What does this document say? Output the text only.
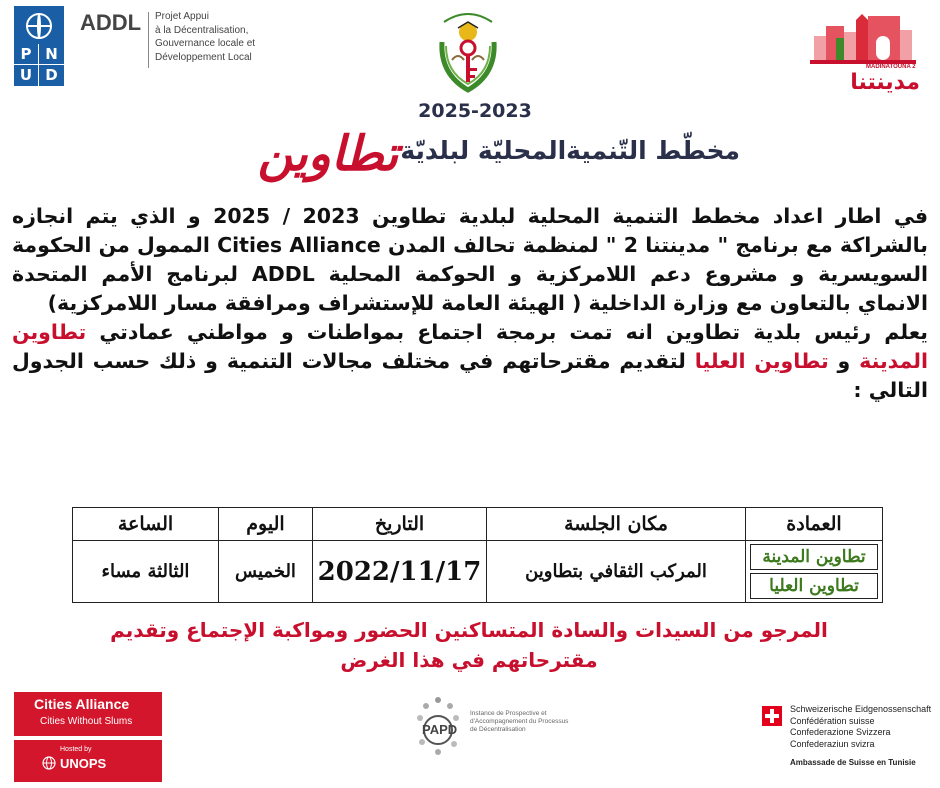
P N
U D
ADDL Projet Appui
à la Décentralisation,
Gouvernance locale et
Développement Local
MADINATOUNA 2
مدينتنا
2025-2023
مخطّط التّنميةالمحليّة لبلديّة
تطاوين

في اطار اعداد مخطط التنمية المحلية لبلدية تطاوين 2023 / 2025 و الذي يتم انجازه بالشراكة مع برنامج " مدينتنا 2 " لمنظمة تحالف المدن Cities Alliance الممول من الحكومة السويسرية و مشروع دعم اللامركزية و الحوكمة المحلية ADDL لبرنامج الأمم المتحدة الانماي بالتعاون مع وزارة الداخلية ( الهيئة العامة للإستشراف ومرافقة مسار اللامركزية)

يعلم رئيس بلدية تطاوين انه تمت برمجة اجتماع بمواطنات و مواطني عمادتي تطاوين المدينة و تطاوين العليا لتقديم مقترحاتهم في مختلف مجالات التنمية و ذلك حسب الجدول التالي :

العمادة	مكان الجلسة	التاريخ	اليوم	الساعة

تطاوين المدينة
تطاوين العليا	المركب الثقافي بتطاوين	2022/11/17	الخميس	الثالثة مساء

المرجو من السيدات والسادة المتساكنين الحضور ومواكبة الإجتماع وتقديم

مقترحاتهم في هذا الغرض

Cities Alliance
Cities Without Slums
Hosted by
UNOPS
PAPD
Instance de Prospective et d'Accompagnement du Processus de Décentralisation
Schweizerische Eidgenossenschaft
Confédération suisse
Confederazione Svizzera
Confederaziun svizra
Ambassade de Suisse en Tunisie
